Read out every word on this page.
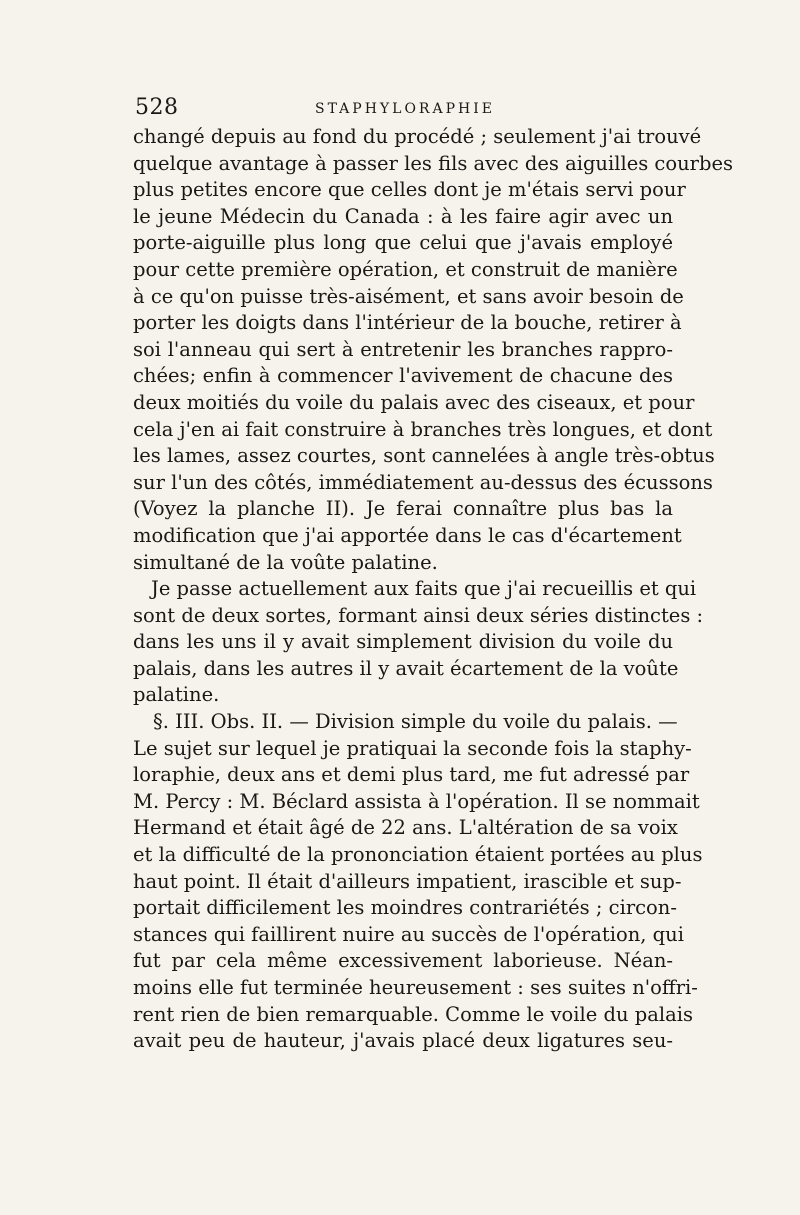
528	STAPHYLORAPHIE
changé depuis au fond du procédé ; seulement j'ai trouvé
quelque avantage à passer les fils avec des aiguilles courbes
plus petites encore que celles dont je m'étais servi pour
le jeune Médecin du Canada : à les faire agir avec un
porte-aiguille plus long que celui que j'avais employé
pour cette première opération, et construit de manière
à ce qu'on puisse très-aisément, et sans avoir besoin de
porter les doigts dans l'intérieur de la bouche, retirer à
soi l'anneau qui sert à entretenir les branches rappro-
chées; enfin à commencer l'avivement de chacune des
deux moitiés du voile du palais avec des ciseaux, et pour
cela j'en ai fait construire à branches très longues, et dont
les lames, assez courtes, sont cannelées à angle très-obtus
sur l'un des côtés, immédiatement au-dessus des écussons
(Voyez la planche II). Je ferai connaître plus bas la
modification que j'ai apportée dans le cas d'écartement
simultané de la voûte palatine.
Je passe actuellement aux faits que j'ai recueillis et qui
sont de deux sortes, formant ainsi deux séries distinctes :
dans les uns il y avait simplement division du voile du
palais, dans les autres il y avait écartement de la voûte
palatine.
§. III. Obs. II. — Division simple du voile du palais. —
Le sujet sur lequel je pratiquai la seconde fois la staphy-
loraphie, deux ans et demi plus tard, me fut adressé par
M. Percy : M. Béclard assista à l'opération. Il se nommait
Hermand et était âgé de 22 ans. L'altération de sa voix
et la difficulté de la prononciation étaient portées au plus
haut point. Il était d'ailleurs impatient, irascible et sup-
portait difficilement les moindres contrariétés ; circon-
stances qui faillirent nuire au succès de l'opération, qui
fut par cela même excessivement laborieuse. Néan-
moins elle fut terminée heureusement : ses suites n'offri-
rent rien de bien remarquable. Comme le voile du palais
avait peu de hauteur, j'avais placé deux ligatures seu-
